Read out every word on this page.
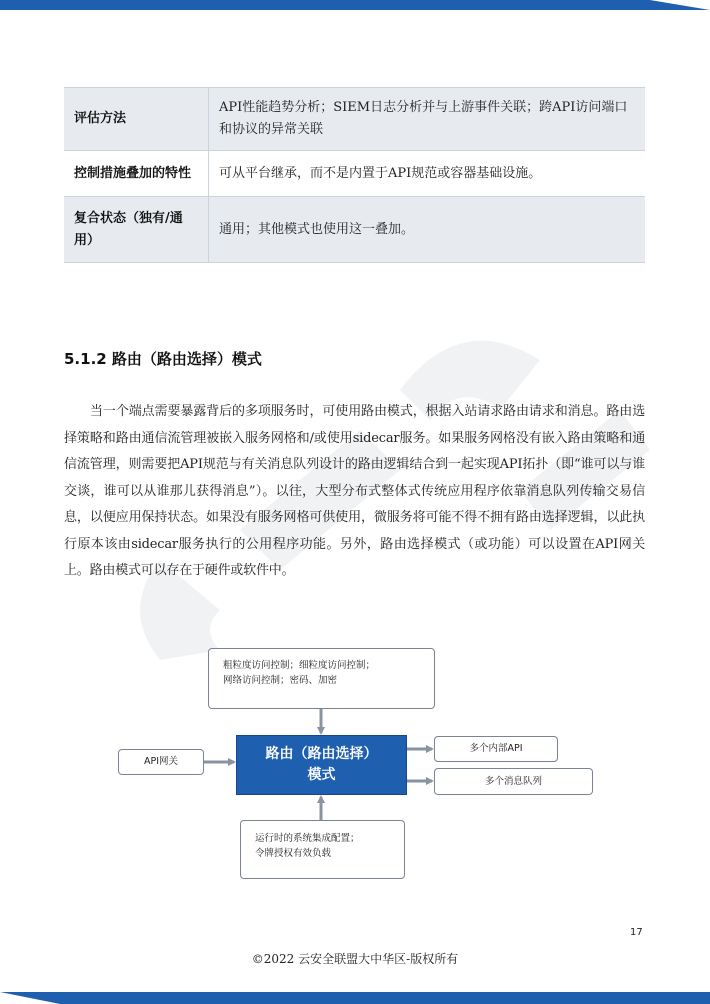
评估方法	API性能趋势分析；SIEM日志分析并与上游事件关联；跨API访问端口和协议的异常关联
控制措施叠加的特性	可从平台继承，而不是内置于API规范或容器基础设施。
复合状态（独有/通用）	通用；其他模式也使用这一叠加。
5.1.2 路由（路由选择）模式

当一个端点需要暴露背后的多项服务时，可使用路由模式，根据入站请求路由请求和消息。路由选择策略和路由通信流管理被嵌入服务网格和/或使用sidecar服务。如果服务网格没有嵌入路由策略和通信流管理，则需要把API规范与有关消息队列设计的路由逻辑结合到一起实现API拓扑（即“谁可以与谁交谈，谁可以从谁那儿获得消息”）。以往，大型分布式整体式传统应用程序依靠消息队列传输交易信息，以便应用保持状态。如果没有服务网格可供使用，微服务将可能不得不拥有路由选择逻辑，以此执行原本该由sidecar服务执行的公用程序功能。另外，路由选择模式（或功能）可以设置在API网关上。路由模式可以存在于硬件或软件中。

粗粒度访问控制；细粒度访问控制；
网络访问控制；密码、加密
路由（路由选择）
模式
API网关
多个内部API
多个消息队列
运行时的系统集成配置；
令牌授权有效负载
17
©2022 云安全联盟大中华区-版权所有
